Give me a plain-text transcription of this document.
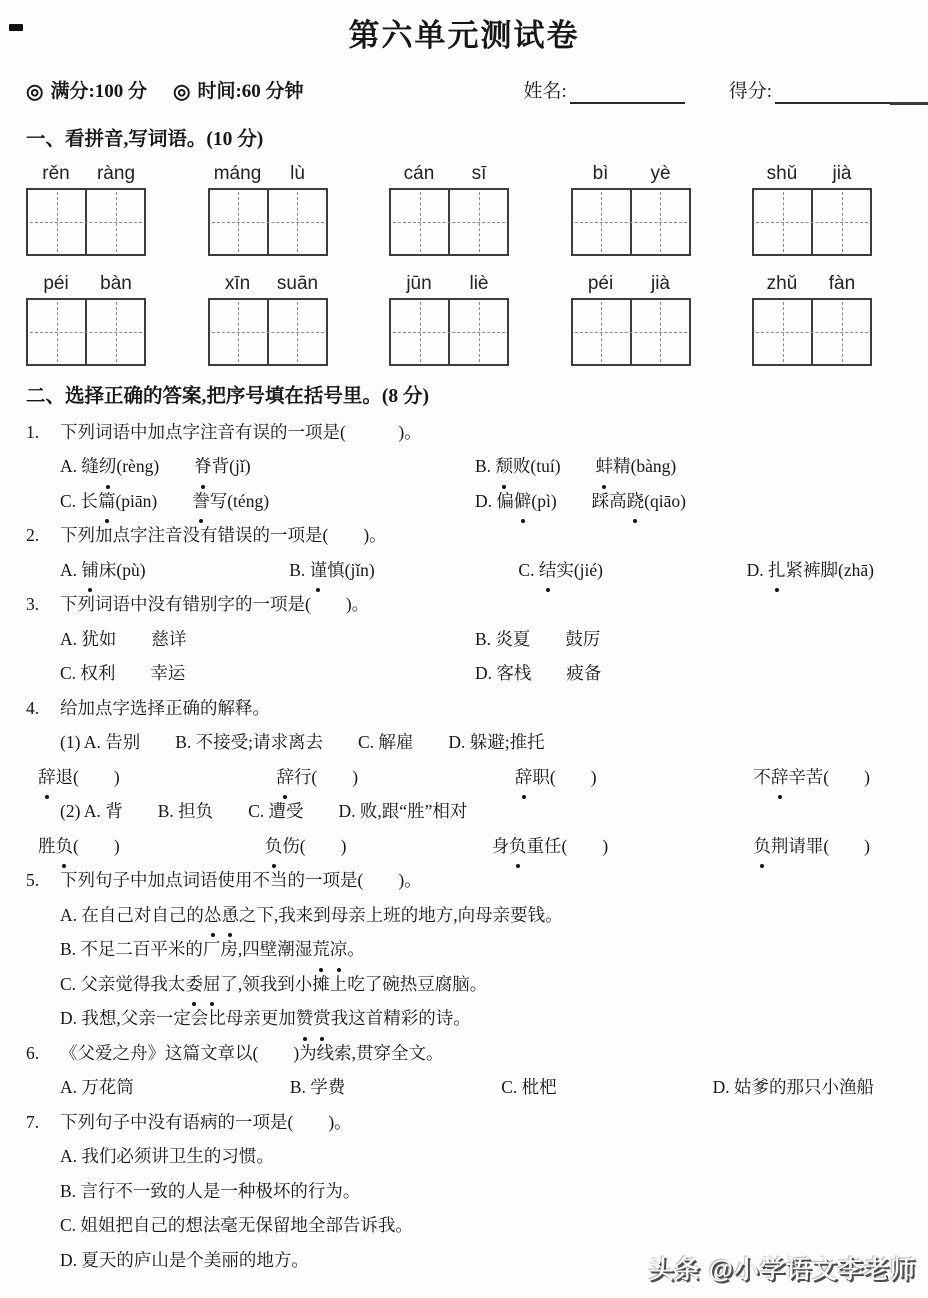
第六单元测试卷
◎ 满分:100 分 ◎ 时间:60 分钟	姓名:	得分:
一、看拼音,写词语。(10 分)
rěn	ràng	máng	lù	cán	sī	bì	yè	shǔ	jià
péi	bàn	xīn	suān	jūn	liè	péi	jià	zhǔ	fàn
二、选择正确的答案,把序号填在括号里。(8 分)
1.	下列词语中加点字注音有误的一项是(　　　)。
A. 缝纫(rèng)　　脊背(jǐ)	B. 颓败(tuí)　　蚌精(bàng)
C. 长篇(piān)　　誊写(téng)	D. 偏僻(pì)　　踩高跷(qiāo)
2.	下列加点字注音没有错误的一项是(　　)。
A. 铺床(pù)	B. 谨慎(jǐn)	C. 结实(jié)	D. 扎紧裤脚(zhā)
3.	下列词语中没有错别字的一项是(　　)。
A. 犹如　　慈详	B. 炎夏　　鼓厉
C. 权利　　幸运	D. 客栈　　疲备
4.	给加点字选择正确的解释。
(1) A. 告别　　B. 不接受;请求离去　　C. 解雇　　D. 躲避;推托
辞退(　　)	辞行(　　)	辞职(　　)	不辞辛苦(　　)
(2) A. 背　　B. 担负　　C. 遭受　　D. 败,跟“胜”相对
胜负(　　)	负伤(　　)	身负重任(　　)	负荆请罪(　　)
5.	下列句子中加点词语使用不当的一项是(　　)。
A. 在自己对自己的怂恿之下,我来到母亲上班的地方,向母亲要钱。
B. 不足二百平米的厂房,四壁潮湿荒凉。
C. 父亲觉得我太委屈了,领我到小摊上吃了碗热豆腐脑。
D. 我想,父亲一定会比母亲更加赞赏我这首精彩的诗。
6.	《父爱之舟》这篇文章以(　　)为线索,贯穿全文。
A. 万花筒	B. 学费	C. 枇杷	D. 姑爹的那只小渔船
7.	下列句子中没有语病的一项是(　　)。
A. 我们必须讲卫生的习惯。
B. 言行不一致的人是一种极坏的行为。
C. 姐姐把自己的想法毫无保留地全部告诉我。
D. 夏天的庐山是个美丽的地方。	头条 @小学语文李老师
